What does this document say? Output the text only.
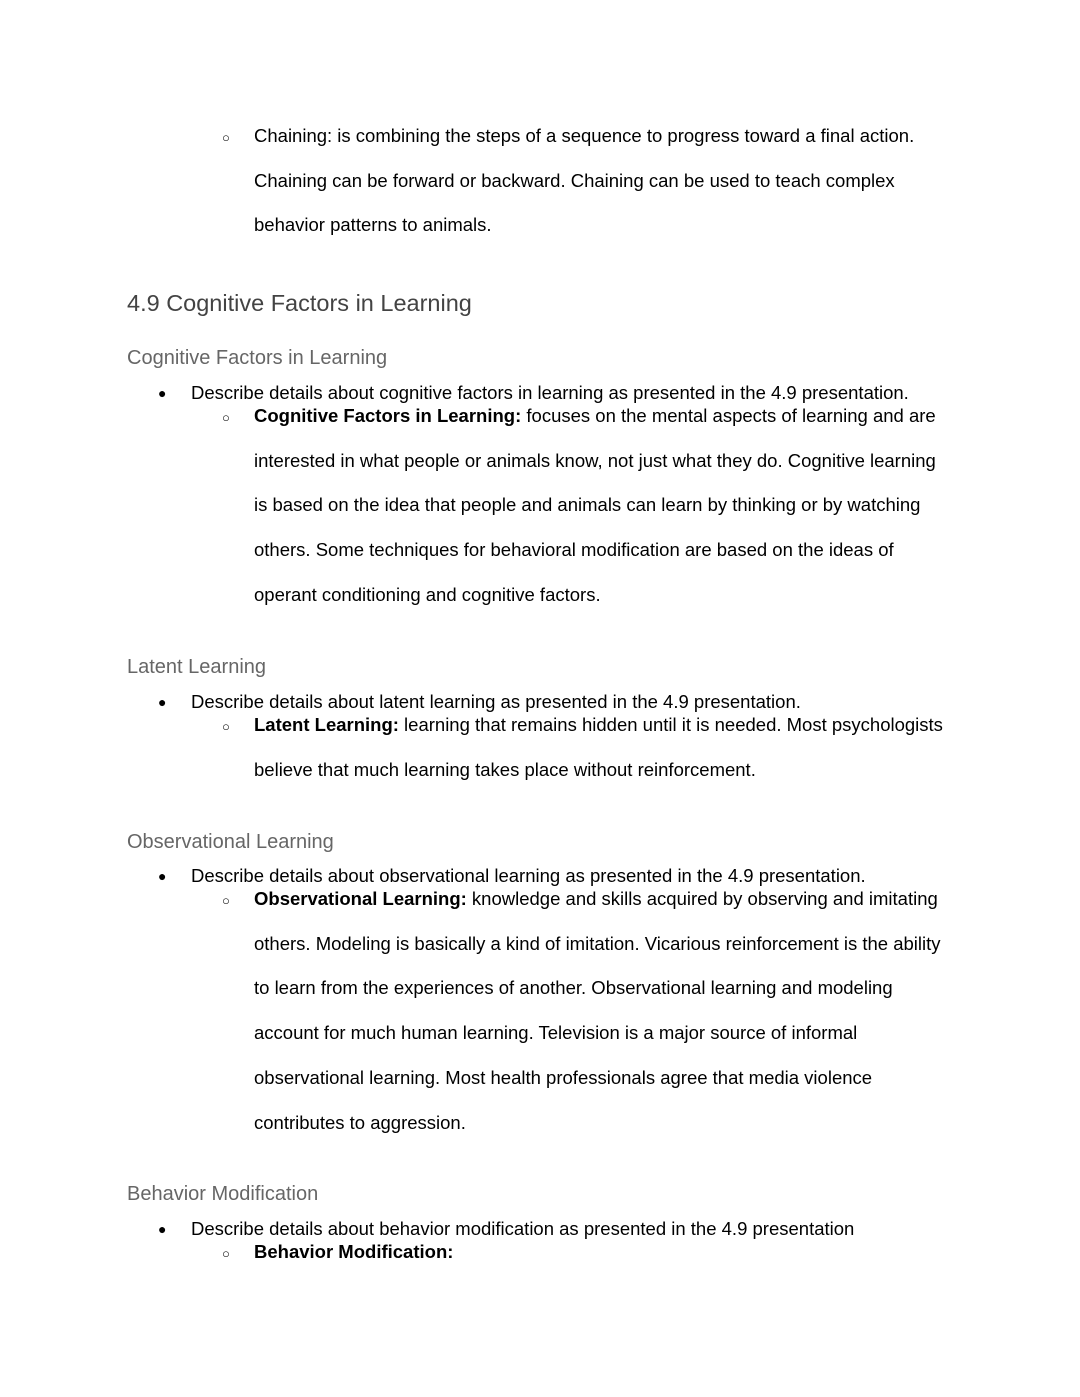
○	Chaining: is combining the steps of a sequence to progress toward a final action. Chaining can be forward or backward. Chaining can be used to teach complex behavior patterns to animals.
4.9 Cognitive Factors in Learning
Cognitive Factors in Learning
●	Describe details about cognitive factors in learning as presented in the 4.9 presentation.
○	Cognitive Factors in Learning: focuses on the mental aspects of learning and are interested in what people or animals know, not just what they do. Cognitive learning is based on the idea that people and animals can learn by thinking or by watching others. Some techniques for behavioral modification are based on the ideas of operant conditioning and cognitive factors.
Latent Learning
●	Describe details about latent learning as presented in the 4.9 presentation.
○	Latent Learning: learning that remains hidden until it is needed. Most psychologists believe that much learning takes place without reinforcement.
Observational Learning
●	Describe details about observational learning as presented in the 4.9 presentation.
○	Observational Learning: knowledge and skills acquired by observing and imitating others. Modeling is basically a kind of imitation. Vicarious reinforcement is the ability to learn from the experiences of another. Observational learning and modeling account for much human learning. Television is a major source of informal observational learning. Most health professionals agree that media violence contributes to aggression.
Behavior Modification
●	Describe details about behavior modification as presented in the 4.9 presentation
○	Behavior Modification:
